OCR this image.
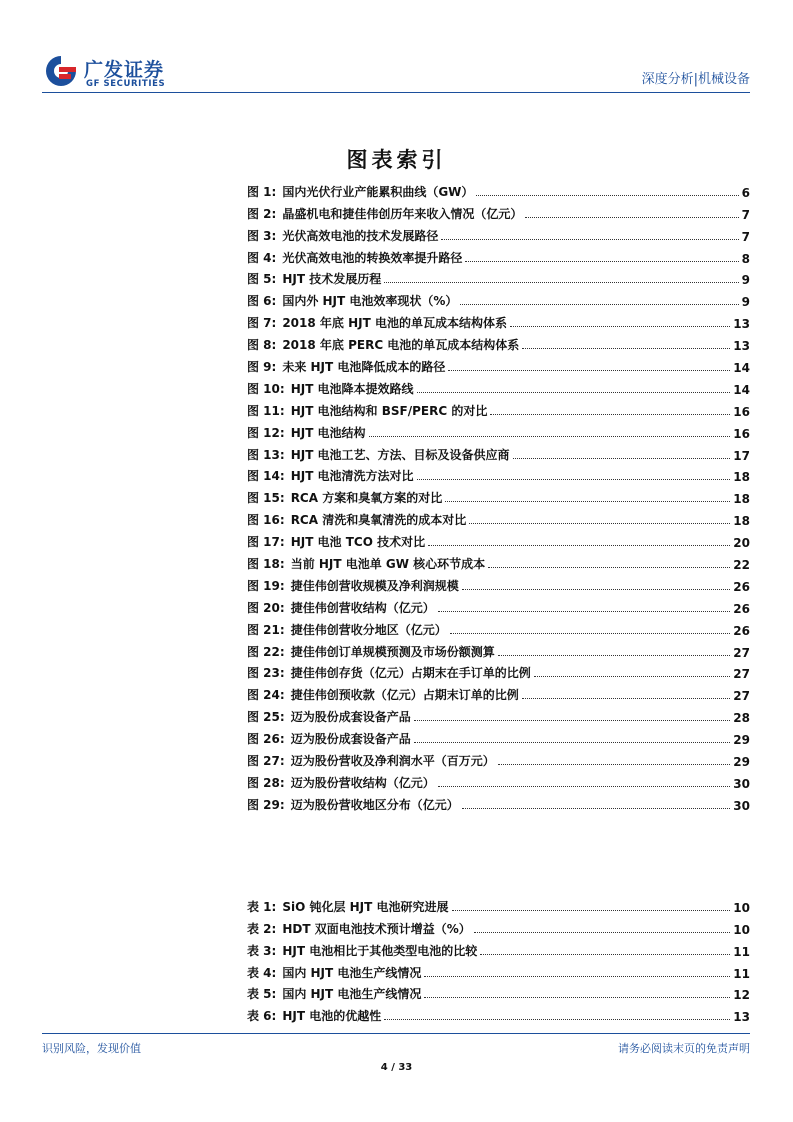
广发证券
GF SECURITIES	深度分析|机械设备
图表索引
图 1: 国内光伏行业产能累积曲线（GW）	6
图 2: 晶盛机电和捷佳伟创历年来收入情况（亿元）	7
图 3: 光伏高效电池的技术发展路径	7
图 4: 光伏高效电池的转换效率提升路径	8
图 5: HJT 技术发展历程	9
图 6: 国内外 HJT 电池效率现状（%）	9
图 7: 2018 年底 HJT 电池的单瓦成本结构体系	13
图 8: 2018 年底 PERC 电池的单瓦成本结构体系	13
图 9: 未来 HJT 电池降低成本的路径	14
图 10: HJT 电池降本提效路线	14
图 11: HJT 电池结构和 BSF/PERC 的对比	16
图 12: HJT 电池结构	16
图 13: HJT 电池工艺、方法、目标及设备供应商	17
图 14: HJT 电池清洗方法对比	18
图 15: RCA 方案和臭氧方案的对比	18
图 16: RCA 清洗和臭氧清洗的成本对比	18
图 17: HJT 电池 TCO 技术对比	20
图 18: 当前 HJT 电池单 GW 核心环节成本	22
图 19: 捷佳伟创营收规模及净利润规模	26
图 20: 捷佳伟创营收结构（亿元）	26
图 21: 捷佳伟创营收分地区（亿元）	26
图 22: 捷佳伟创订单规模预测及市场份额测算	27
图 23: 捷佳伟创存货（亿元）占期末在手订单的比例	27
图 24: 捷佳伟创预收款（亿元）占期末订单的比例	27
图 25: 迈为股份成套设备产品	28
图 26: 迈为股份成套设备产品	29
图 27: 迈为股份营收及净利润水平（百万元）	29
图 28: 迈为股份营收结构（亿元）	30
图 29: 迈为股份营收地区分布（亿元）	30
表 1: SiO 钝化层 HJT 电池研究进展	10
表 2: HDT 双面电池技术预计增益（%）	10
表 3: HJT 电池相比于其他类型电池的比较	11
表 4: 国内 HJT 电池生产线情况	11
表 5: 国内 HJT 电池生产线情况	12
表 6: HJT 电池的优越性	13
识别风险，发现价值	请务必阅读末页的免责声明
4 / 33
